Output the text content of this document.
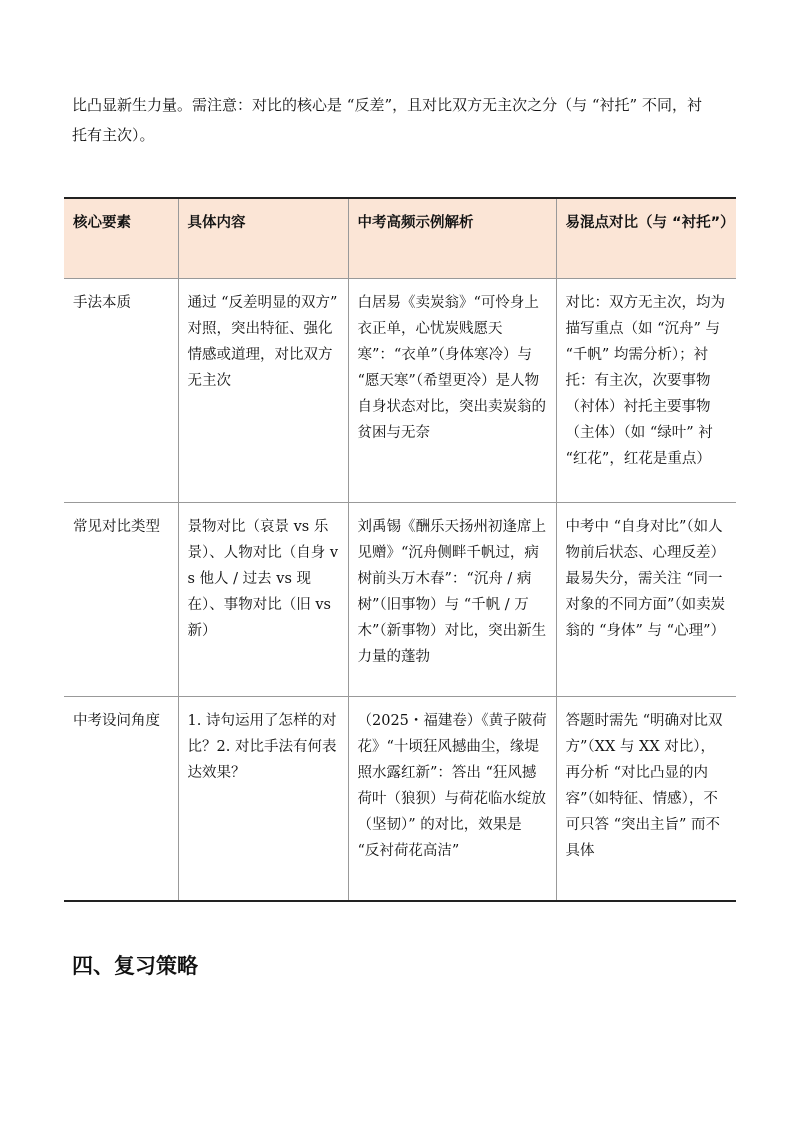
比凸显新生力量。需注意：对比的核心是 “反差”，且对比双方无主次之分（与 “衬托” 不同，衬

托有主次）。

核心要素	具体内容	中考高频示例解析	易混点对比（与 “衬托”）
手法本质	通过 “反差明显的双方” 对照，突出特征、强化情感或道理，对比双方无主次	白居易《卖炭翁》“可怜身上衣正单，心忧炭贱愿天寒”：“衣单”（身体寒冷）与 “愿天寒”（希望更冷）是人物自身状态对比，突出卖炭翁的贫困与无奈	对比：双方无主次，均为描写重点（如 “沉舟” 与 “千帆” 均需分析）；衬托：有主次，次要事物（衬体）衬托主要事物（主体）（如 “绿叶” 衬 “红花”，红花是重点）
常见对比类型	景物对比（哀景 vs 乐景）、人物对比（自身 vs 他人 / 过去 vs 现在）、事物对比（旧 vs 新）	刘禹锡《酬乐天扬州初逢席上见赠》“沉舟侧畔千帆过，病树前头万木春”：“沉舟 / 病树”（旧事物）与 “千帆 / 万木”（新事物）对比，突出新生力量的蓬勃	中考中 “自身对比”（如人物前后状态、心理反差）最易失分，需关注 “同一对象的不同方面”（如卖炭翁的 “身体” 与 “心理”）
中考设问角度	1. 诗句运用了怎样的对比？2. 对比手法有何表达效果？	（2025・福建卷）《黄子陂荷花》“十顷狂风撼曲尘，缘堤照水露红新”：答出 “狂风撼荷叶（狼狈）与荷花临水绽放（坚韧）” 的对比，效果是 “反衬荷花高洁”	答题时需先 “明确对比双方”（XX 与 XX 对比），再分析 “对比凸显的内容”（如特征、情感），不可只答 “突出主旨” 而不具体
四、复习策略
